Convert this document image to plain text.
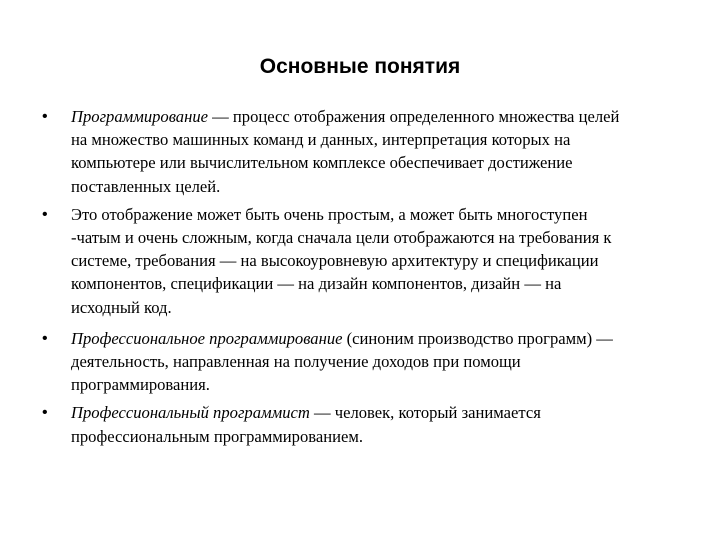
Основные понятия
•	Программирование — процесс отображения определенного множества целей
на множество машинных команд и данных, интерпретация которых на
компьютере или вычислительном комплексе обеспечивает достижение
поставленных целей.
•	Это отображение может быть очень простым, а может быть многоступен
-чатым и очень сложным, когда сначала цели отображаются на требования к
системе, требования — на высокоуровневую архитектуру и спецификации
компонентов, спецификации — на дизайн компонентов, дизайн — на
исходный код.
•	Профессиональное программирование (синоним производство программ) —
деятельность, направленная на получение доходов при помощи
программирования.
•	Профессиональный программист — человек, который занимается
профессиональным программированием.
